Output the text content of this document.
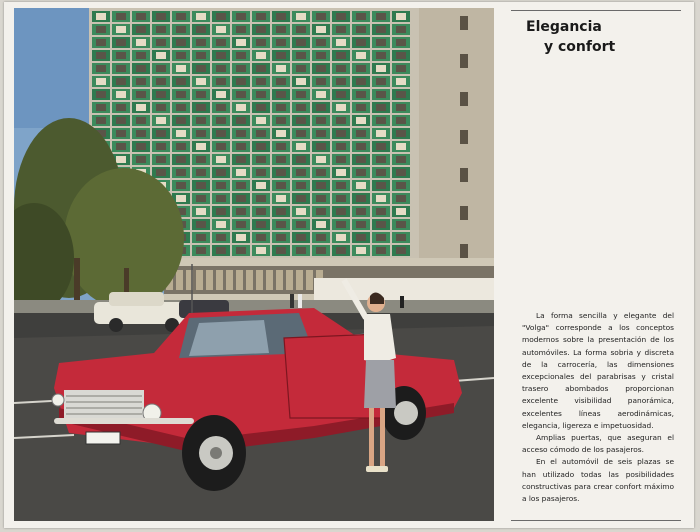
Elegancia
y confort

La forma sencilla y elegante del "Volga" corresponde a los conceptos modernos sobre la presentación de los automóviles. La forma sobria y discreta de la carrocería, las dimensiones excepcionales del parabrisas y cristal trasero abombados proporcionan excelente visibilidad panorámica, excelentes líneas aerodinámicas, elegancia, ligereza e impetuosidad.

Amplias puertas, que aseguran el acceso cómodo de los pasajeros.

En el automóvil de seis plazas se han utilizado todas las posibilidades constructivas para crear confort máximo a los pasajeros.
